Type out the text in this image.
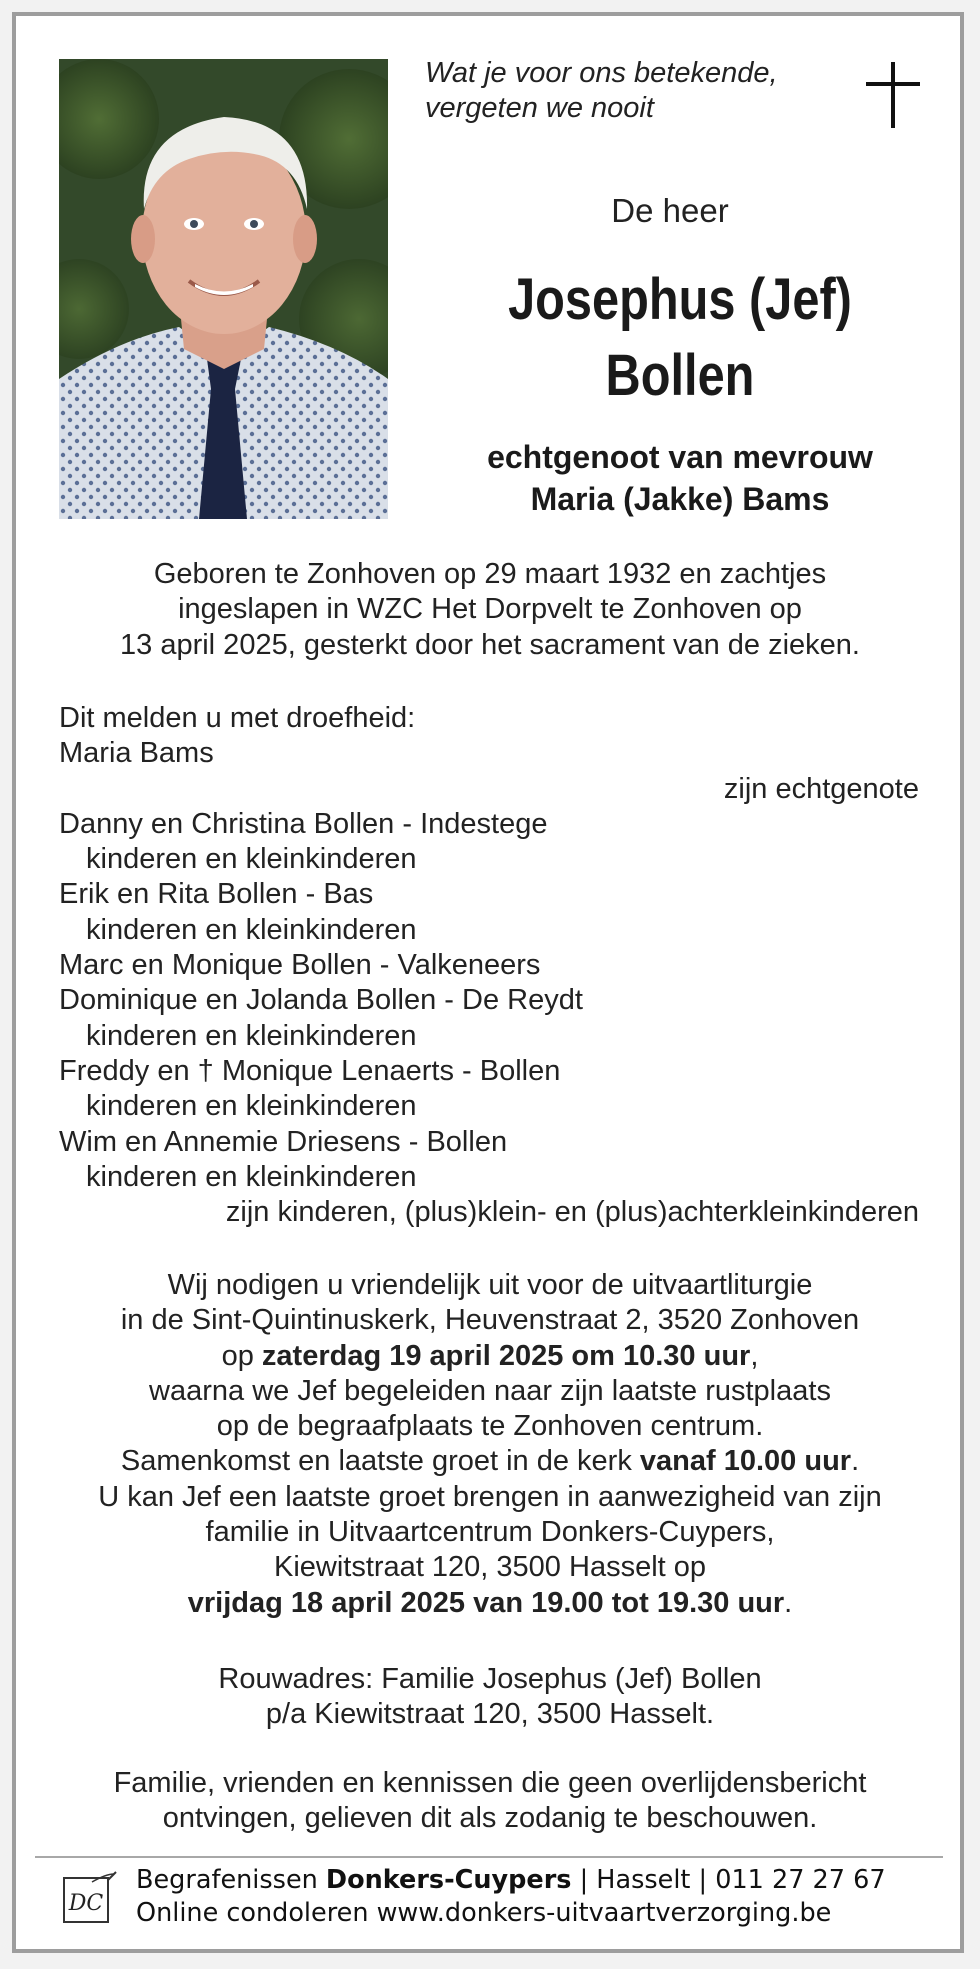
Wat je voor ons betekende,
vergeten we nooit
De heer
Josephus (Jef)
Bollen
echtgenoot van mevrouw
Maria (Jakke) Bams
Geboren te Zonhoven op 29 maart 1932 en zachtjes
ingeslapen in WZC Het Dorpvelt te Zonhoven op
13 april 2025, gesterkt door het sacrament van de zieken.
Dit melden u met droefheid:
Maria Bams
zijn echtgenote
Danny en Christina Bollen - Indestege
kinderen en kleinkinderen
Erik en Rita Bollen - Bas
kinderen en kleinkinderen
Marc en Monique Bollen - Valkeneers
Dominique en Jolanda Bollen - De Reydt
kinderen en kleinkinderen
Freddy en † Monique Lenaerts - Bollen
kinderen en kleinkinderen
Wim en Annemie Driesens - Bollen
kinderen en kleinkinderen
zijn kinderen, (plus)klein- en (plus)achterkleinkinderen
Wij nodigen u vriendelijk uit voor de uitvaartliturgie
in de Sint-Quintinuskerk, Heuvenstraat 2, 3520 Zonhoven
op zaterdag 19 april 2025 om 10.30 uur,
waarna we Jef begeleiden naar zijn laatste rustplaats
op de begraafplaats te Zonhoven centrum.
Samenkomst en laatste groet in de kerk vanaf 10.00 uur.
U kan Jef een laatste groet brengen in aanwezigheid van zijn
familie in Uitvaartcentrum Donkers-Cuypers,
Kiewitstraat 120, 3500 Hasselt op
vrijdag 18 april 2025 van 19.00 tot 19.30 uur.
Rouwadres: Familie Josephus (Jef) Bollen
p/a Kiewitstraat 120, 3500 Hasselt.
Familie, vrienden en kennissen die geen overlijdensbericht
ontvingen, gelieven dit als zodanig te beschouwen.
DC
Begrafenissen Donkers-Cuypers | Hasselt | 011 27 27 67
Online condoleren www.donkers-uitvaartverzorging.be
